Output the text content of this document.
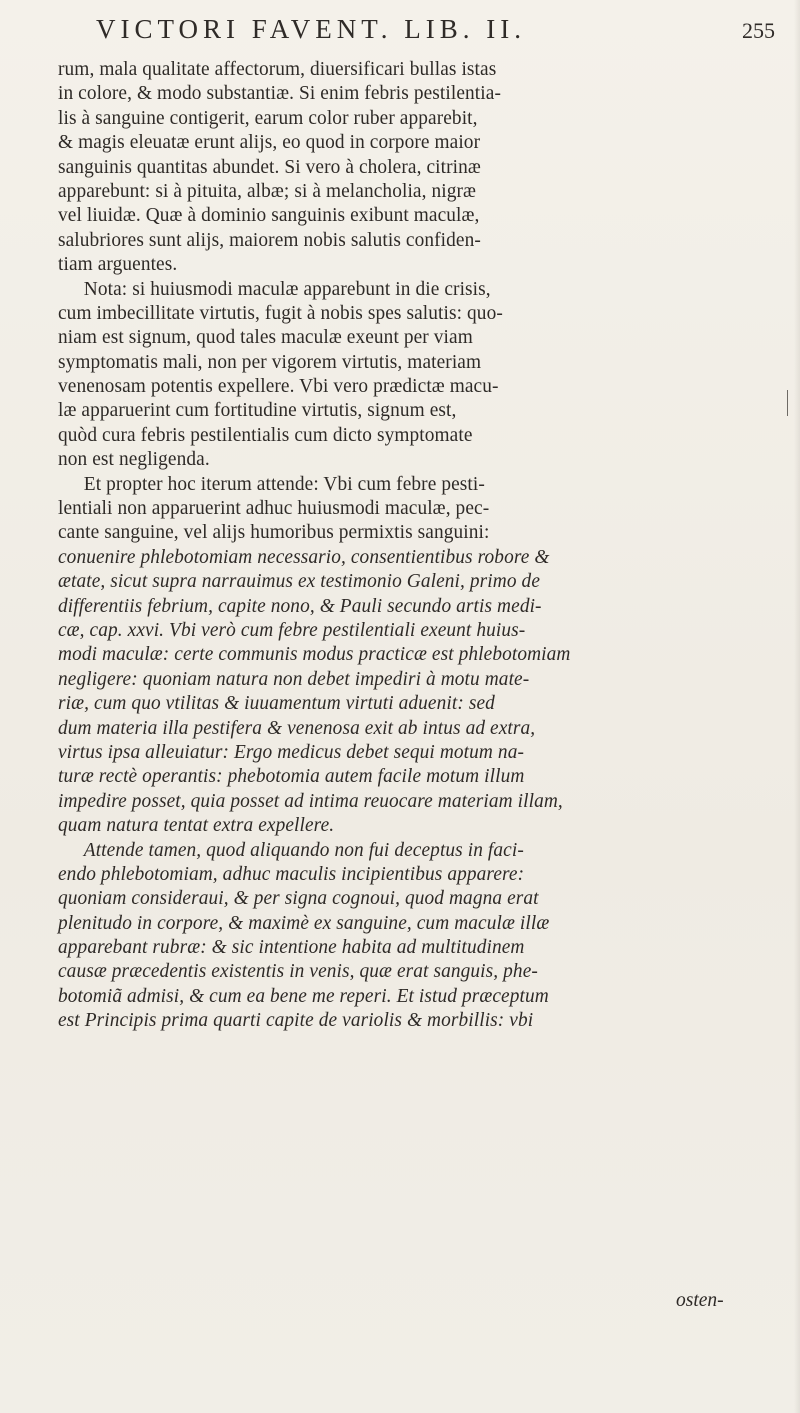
VICTORI FAVENT. LIB. II.	255
rum, mala qualitate affectorum, diuersificari bullas istas
in colore, & modo substantiæ. Si enim febris pestilentia-
lis à sanguine contigerit, earum color ruber apparebit,
& magis eleuatæ erunt alijs, eo quod in corpore maior
sanguinis quantitas abundet. Si vero à cholera, citrinæ
apparebunt: si à pituita, albæ; si à melancholia, nigræ
vel liuidæ. Quæ à dominio sanguinis exibunt maculæ,
salubriores sunt alijs, maiorem nobis salutis confiden-
tiam arguentes.
Nota: si huiusmodi maculæ apparebunt in die crisis,
cum imbecillitate virtutis, fugit à nobis spes salutis: quo-
niam est signum, quod tales maculæ exeunt per viam
symptomatis mali, non per vigorem virtutis, materiam
venenosam potentis expellere. Vbi vero prædictæ macu-
læ apparuerint cum fortitudine virtutis, signum est,
quòd cura febris pestilentialis cum dicto symptomate
non est negligenda.
Et propter hoc iterum attende: Vbi cum febre pesti-
lentiali non apparuerint adhuc huiusmodi maculæ, pec-
cante sanguine, vel alijs humoribus permixtis sanguini:
conuenire phlebotomiam necessario, consentientibus robore &
ætate, sicut supra narrauimus ex testimonio Galeni, primo de
differentiis febrium, capite nono, & Pauli secundo artis medi-
cæ, cap. xxvi. Vbi verò cum febre pestilentiali exeunt huius-
modi maculæ: certe communis modus practicæ est phlebotomiam
negligere: quoniam natura non debet impediri à motu mate-
riæ, cum quo vtilitas & iuuamentum virtuti aduenit: sed
dum materia illa pestifera & venenosa exit ab intus ad extra,
virtus ipsa alleuiatur: Ergo medicus debet sequi motum na-
turæ rectè operantis: phebotomia autem facile motum illum
impedire posset, quia posset ad intima reuocare materiam illam,
quam natura tentat extra expellere.
Attende tamen, quod aliquando non fui deceptus in faci-
endo phlebotomiam, adhuc maculis incipientibus apparere:
quoniam consideraui, & per signa cognoui, quod magna erat
plenitudo in corpore, & maximè ex sanguine, cum maculæ illæ
apparebant rubræ: & sic intentione habita ad multitudinem
causæ præcedentis existentis in venis, quæ erat sanguis, phe-
botomiã admisi, & cum ea bene me reperi. Et istud præceptum
est Principis prima quarti capite de variolis & morbillis: vbi
osten-
